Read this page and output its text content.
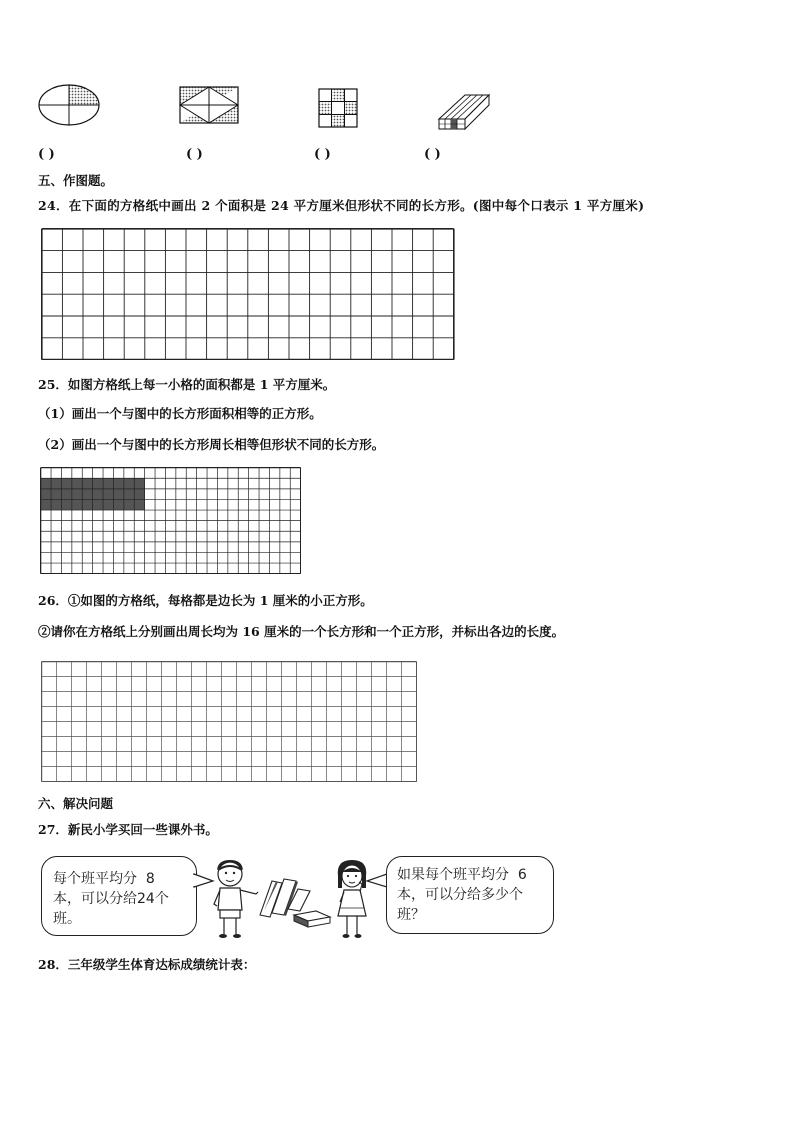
( )	( )	( )	( )
五、作图题。
24．在下面的方格纸中画出 2 个面积是 24 平方厘米但形状不同的长方形。(图中每个口表示 1 平方厘米)
25．如图方格纸上每一小格的面积都是 1 平方厘米。
（1）画出一个与图中的长方形面积相等的正方形。
（2）画出一个与图中的长方形周长相等但形状不同的长方形。
26．①如图的方格纸，每格都是边长为 1 厘米的小正方形。
②请你在方格纸上分别画出周长均为 16 厘米的一个长方形和一个正方形，并标出各边的长度。
六、解决问题
27．新民小学买回一些课外书。
每个班平均分  8
本，可以分给24个
班。
如果每个班平均分  6
本，可以分给多少个
班？
28．三年级学生体育达标成绩统计表：
